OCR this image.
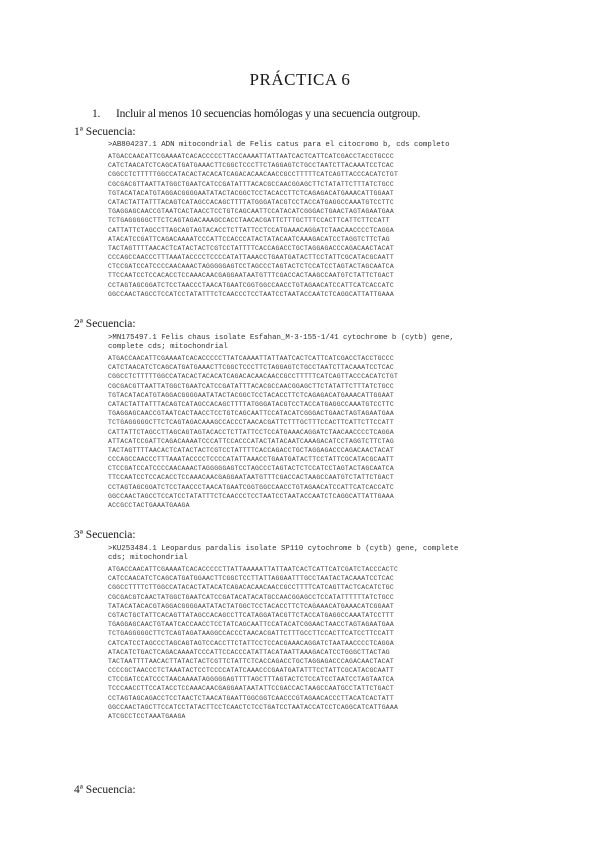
PRÁCTICA 6
1. Incluir al menos 10 secuencias homólogas y una secuencia outgroup.
1ª Secuencia:
>AB804237.1 ADN mitocondrial de Felis catus para el citocromo b, cds completo
ATGACCAACATTCGAAAATCACACCCCCTTACCAAAATTATTAATCACTCATTCATCGACCTACCTGCCC
CATCTAACATCTCAGCATGATGAAACTTCGGCTCCCTTCTAGGAGTCTGCCTAATCTTACAAATCCTCAC
CGGCCTCTTTTTGGCCATACACTACACATCAGACACAACAACCGCCTTTTTCATCAGTTACCCACATCTGT
CGCGACGTTAATTATGGCTGAATCATCCGATATTTACACGCCAACGGAGCTTCTATATTCTTTATCTGCC
TGTACATACATGTAGGACGGGGAATATACTACGGCTCCTACACCTTCTCAGAGACATGAAACATTGGAAT
CATACTATTATTTACAGTCATAGCCACAGCTTTTATGGGATACGTCCTACCATGAGGCCAAATGTCCTTC
TGAGGAGCAACCGTAATCACTAACCTCCTGTCAGCAATTCCATACATCGGGACTGAACTAGTAGAATGAA
TCTGAGGGGGCTTCTCAGTAGACAAAGCCACCTAACACGATTCTTTGCTTTCCACTTCATTCTTCCATT
CATTATTCTAGCCTTAGCAGTAGTACACCTCTTATTCCTCCATGAAACAGGATCTAACAACCCCTCAGGA
ATACATCCGATTCAGACAAAATCCCATTCCACCCATACTATACAATCAAAGACATCCTAGGTCTTCTAG
TACTAGTTTTAACACTCATACTACTCGTCCTATTTTCACCAGACCTGCTAGGAGACCCAGACAACTACAT
CCCAGCCAACCCTTTAAATACCCCTCCCCATATTAAACCTGAATGATACTTCCTATTCGCATACGCAATT
CTCCGATCCATCCCCAACAAACTAGGGGGAGTCCTAGCCCTAGTACTCTCCATCCTAGTACTAGCAATCA
TTCCAATCCTCCACACCTCCAAACAACGAGGAATAATGTTTCGACCACTAAGCCAATGTCTATTCTGACT
CCTAGTAGCGGATCTCCTAACCCTAACATGAATCGGTGGCCAACCTGTAGAACATCCATTCATCACCATC
GGCCAACTAGCCTCCATCCTATATTTCTCAACCCTCCTAATCCTAATACCAATCTCAGGCATTATTGAAA
2ª Secuencia:
>MN175497.1 Felis chaus isolate Esfahan_M-3-155-1/41 cytochrome b (cytb) gene,
complete cds; mitochondrial
ATGACCAACATTCGAAAATCACACCCCCTTATCAAAATTATTAATCACTCATTCATCGACCTACCTGCCC
CATCTAACATCTCAGCATGATGAAACTTCGGCTCCCTTCTAGGAGTCTGCCTAATCTTACAAATCCTCAC
CGGCCTCTTTTTGGCCATACACTACACATCAGACACAACAACCGCCTTTTTCATCAGTTACCCACATCTGT
CGCGACGTTAATTATGGCTGAATCATCCGATATTTACACGCCAACGGAGCTTCTATATTCTTTATCTGCC
TGTACATACATGTAGGACGGGGAATATACTACGGCTCCTACACCTTCTCAGAGACATGAAACATTGGAAT
CATACTATTATTTACAGTCATAGCCACAGCTTTTATGGGATACGTCCTACCATGAGGCCAAATGTCCTTC
TGAGGAGCAACCGTAATCACTAACCTCCTGTCAGCAATTCCATACATCGGGACTGAACTAGTAGAATGAA
TCTGAGGGGGCTTCTCAGTAGACAAAGCCACCCTAACACGATTCTTTGCTTTCCACTTCATTCTTCCATT
CATTATTCTAGCCTTAGCAGTAGTACACCTCTTATTCCTCCATGAAACAGGATCTAACAACCCCTCAGGA
ATTACATCCGATTCAGACAAAATCCCATTCCACCCATACTATACAATCAAAGACATCCTAGGTCTTCTAG
TACTAGTTTTAACACTCATACTACTCGTCCTATTTTCACCAGACCTGCTAGGAGACCCAGACAACTACAT
CCCAGCCAACCCTTTAAATACCCCTCCCCATATTAAACCTGAATGATACTTCCTATTCGCATACGCAATT
CTCCGATCCATCCCCAACAAACTAGGGGGAGTCCTAGCCCTAGTACTCTCCATCCTAGTACTAGCAATCA
TTCCAATCCTCCACACCTCCAAACAACGAGGAATAATGTTTCGACCACTAAGCCAATGTCTATTCTGACT
CCTAGTAGCGGATCTCCTAACCCTAACATGAATCGGTGGCCAACCTGTAGAACATCCATTCATCACCATC
GGCCAACTAGCCTCCATCCTATATTTCTCAACCCTCCTAATCCTAATACCAATCTCAGGCATTATTGAAA
ACCGCCTACTGAAATGAAGA
3ª Secuencia:
>KU253484.1 Leopardus pardalis isolate SP110 cytochrome b (cytb) gene, complete
cds; mitochondrial
ATGACCAACATTCGAAAATCACACCCCCTTATTAAAAATTATTAATCACTCATTCATCGATCTACCCACTC
CATCCAACATCTCAGCATGATGGAACTTCGGCTCCTTATTAGGAATTTGCCTAATACTACAAATCCTCAC
CGGCCTTTTCTTGGCCATACACTATACATCAGACACAACAACCGCCTTTTCATCAGTTACTCACATCTGC
CGCGACGTCAACTATGGCTGAATCATCCGATACATACATGCCAACGGAGCCTCCATATTTTTTATCTGCC
TATACATACACGTAGGACGGGGAATATACTATGGCTCCTACACCTTCTCAGAAACATGAAACATCGGAAT
CGTACTGCTATTCACAGTTATAGCCACAGCCTTCATAGGATACGTTCTACCATGAGGCCAAATATCCTTT
TGAGGAGCAACTGTAATCACCAACCTCCTATCAGCAATTCCATACATCGGAACTAACCTAGTAGAATGAA
TCTGAGGGGGCTTCTCAGTAGATAAGGCCACCCTAACACGATTCTTTGCCTTCCACTTCATCCTTCCATT
CATCATCCTAGCCCTAGCAGTAGTCCACCTTCTATTCCTCCACGAAACAGGATCTAATAACCCCTCAGGA
ATACATCTGACTCAGACAAAATCCCATTCCACCCATATTACATAATTAAAGACATCCTGGGCTTACTAG
TACTAATTTTAACACTTATACTACTCGTTCTATTCTCACCAGACCTGCTAGGAGACCCAGACAACTACAT
CCCCGCTAACCCTCTAAATACTCCTCCCCATATCAAACCCGAATGATATTTCCTATTCGCATACGCAATT
CTCCGATCCATCCCTAACAAAATAGGGGGAGTTTTAGCTTTAGTACTCTCCATCCTAATCCTAGTAATCA
TCCCAACCTTCCATACCTCCAAACAACGAGGAATAATATTCCGACCACTAAGCCAATGCCTATTCTGACT
CCTAGTAGCAGACCTCCTAACTCTAACATGAATTGGCGGTCAACCCGTAGAACACCCTTACATCACTATT
GGCCAACTAGCTTCCATCCTATACTTCCTCAACTCTCCTGATCCTAATACCATCCTCAGGCATCATTGAAA
ATCGCCTCCTAAATGAAGA
4ª Secuencia:
